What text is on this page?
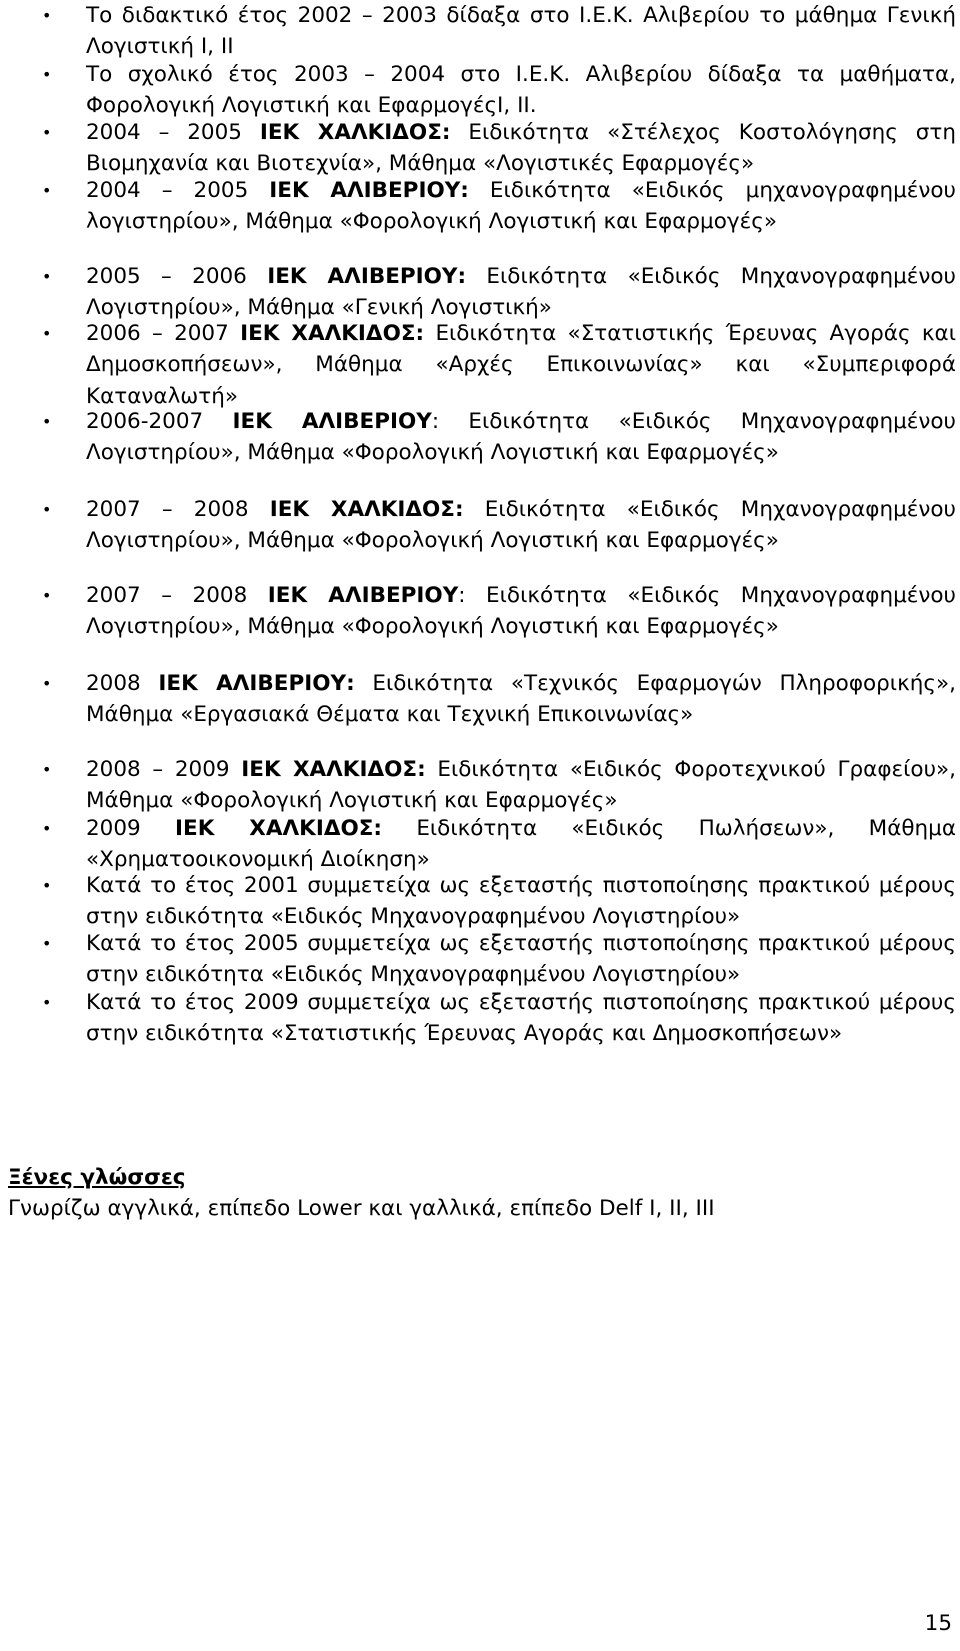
• Το διδακτικό έτος 2002 – 2003 δίδαξα στο Ι.Ε.Κ. Αλιβερίου το μάθημα Γενική Λογιστική Ι, ΙΙ
• Το σχολικό έτος 2003 – 2004 στο Ι.Ε.Κ. Αλιβερίου δίδαξα τα μαθήματα, Φορολογική Λογιστική και ΕφαρμογέςΙ, ΙΙ.
• 2004 – 2005 ΙΕΚ ΧΑΛΚΙΔΟΣ: Ειδικότητα «Στέλεχος Κοστολόγησης στη Βιομηχανία και Βιοτεχνία», Μάθημα «Λογιστικές Εφαρμογές»
• 2004 – 2005 ΙΕΚ ΑΛΙΒΕΡΙΟΥ: Ειδικότητα «Ειδικός μηχανογραφημένου λογιστηρίου», Μάθημα «Φορολογική Λογιστική και Εφαρμογές»
• 2005 – 2006 ΙΕΚ ΑΛΙΒΕΡΙΟΥ: Ειδικότητα «Ειδικός Μηχανογραφημένου Λογιστηρίου», Μάθημα «Γενική Λογιστική»
• 2006 – 2007 ΙΕΚ ΧΑΛΚΙΔΟΣ: Ειδικότητα «Στατιστικής Έρευνας Αγοράς και Δημοσκοπήσεων», Μάθημα «Αρχές Επικοινωνίας» και «Συμπεριφορά Καταναλωτή»
• 2006-2007 ΙΕΚ ΑΛΙΒΕΡΙΟΥ: Ειδικότητα «Ειδικός Μηχανογραφημένου Λογιστηρίου», Μάθημα «Φορολογική Λογιστική και Εφαρμογές»
• 2007 – 2008 ΙΕΚ ΧΑΛΚΙΔΟΣ: Ειδικότητα «Ειδικός Μηχανογραφημένου Λογιστηρίου», Μάθημα «Φορολογική Λογιστική και Εφαρμογές»
• 2007 – 2008 ΙΕΚ ΑΛΙΒΕΡΙΟΥ: Ειδικότητα «Ειδικός Μηχανογραφημένου Λογιστηρίου», Μάθημα «Φορολογική Λογιστική και Εφαρμογές»
• 2008 ΙΕΚ ΑΛΙΒΕΡΙΟΥ: Ειδικότητα «Τεχνικός Εφαρμογών Πληροφορικής», Μάθημα «Εργασιακά Θέματα και Τεχνική Επικοινωνίας»
• 2008 – 2009 ΙΕΚ ΧΑΛΚΙΔΟΣ: Ειδικότητα «Ειδικός Φοροτεχνικού Γραφείου», Μάθημα «Φορολογική Λογιστική και Εφαρμογές»
• 2009 ΙΕΚ ΧΑΛΚΙΔΟΣ: Ειδικότητα «Ειδικός Πωλήσεων», Μάθημα «Χρηματοοικονομική Διοίκηση»
• Κατά το έτος 2001 συμμετείχα ως εξεταστής πιστοποίησης πρακτικού μέρους στην ειδικότητα «Ειδικός Μηχανογραφημένου Λογιστηρίου»
• Κατά το έτος 2005 συμμετείχα ως εξεταστής πιστοποίησης πρακτικού μέρους στην ειδικότητα «Ειδικός Μηχανογραφημένου Λογιστηρίου»
• Κατά το έτος 2009 συμμετείχα ως εξεταστής πιστοποίησης πρακτικού μέρους στην ειδικότητα «Στατιστικής Έρευνας Αγοράς και Δημοσκοπήσεων»
Ξένες γλώσσες
Γνωρίζω αγγλικά, επίπεδο Lower και γαλλικά, επίπεδο Delf I, II, III
15
